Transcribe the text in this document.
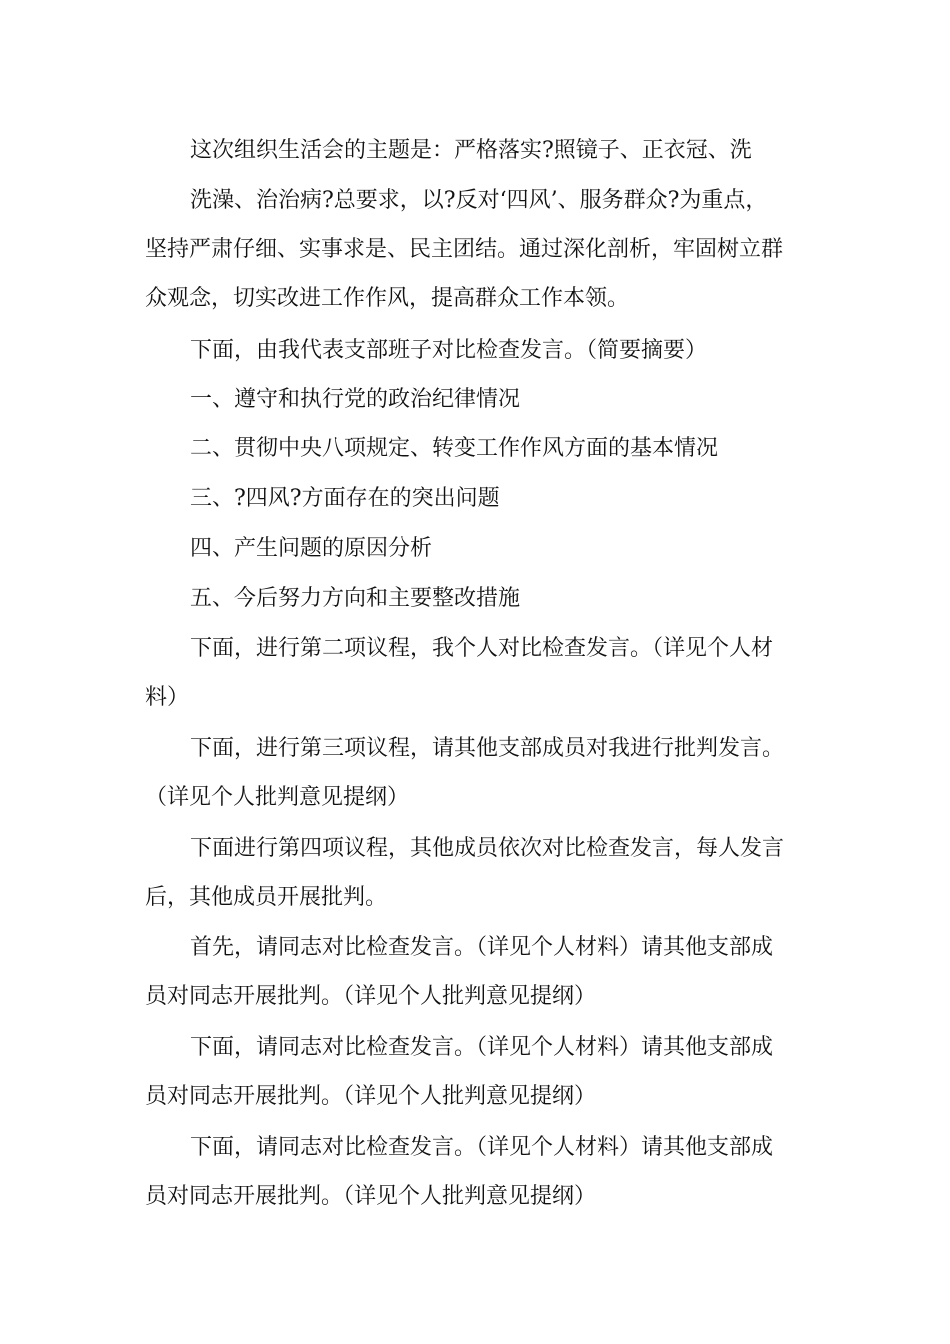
这次组织生活会的主题是：严格落实?照镜子、正衣冠、洗
洗澡、治治病?总要求，以?反对‘四风’、服务群众?为重点，
坚持严肃仔细、实事求是、民主团结。通过深化剖析，牢固树立群
众观念，切实改进工作作风，提高群众工作本领。
下面，由我代表支部班子对比检查发言。（简要摘要）
一、遵守和执行党的政治纪律情况
二、贯彻中央八项规定、转变工作作风方面的基本情况
三、?四风?方面存在的突出问题
四、产生问题的原因分析
五、今后努力方向和主要整改措施
下面，进行第二项议程，我个人对比检查发言。（详见个人材
料）
下面，进行第三项议程，请其他支部成员对我进行批判发言。
（详见个人批判意见提纲）
下面进行第四项议程，其他成员依次对比检查发言，每人发言
后，其他成员开展批判。
首先，请同志对比检查发言。（详见个人材料）请其他支部成
员对同志开展批判。（详见个人批判意见提纲）
下面，请同志对比检查发言。（详见个人材料）请其他支部成
员对同志开展批判。（详见个人批判意见提纲）
下面，请同志对比检查发言。（详见个人材料）请其他支部成
员对同志开展批判。（详见个人批判意见提纲）
